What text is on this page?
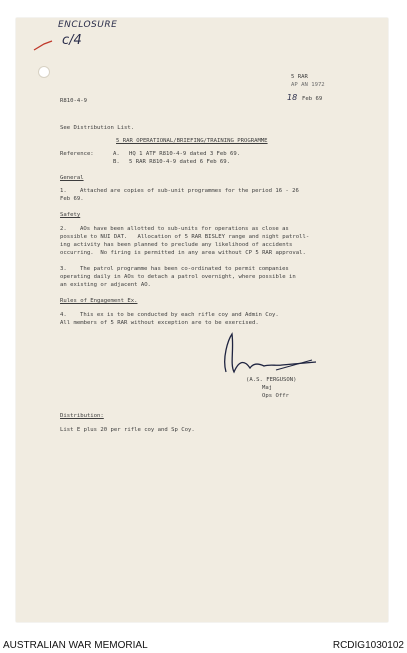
ENCLOSURE
c/4
5 RAR
AP AN 1972
18 Feb 69
R810-4-9
See Distribution List.
5 RAR OPERATIONAL/BRIEFING/TRAINING PROGRAMME
Reference:	A. HQ 1 ATF R810-4-9 dated 3 Feb 69.
B. 5 RAR R810-4-9 dated 6 Feb 69.
General
1. Attached are copies of sub-unit programmes for the period 16 - 26
Feb 69.
Safety
2. AOs have been allotted to sub-units for operations as close as
possible to NUI DAT.   Allocation of 5 RAR BISLEY range and night patroll-
ing activity has been planned to preclude any likelihood of accidents
occurring.  No firing is permitted in any area without CP 5 RAR approval.
3. The patrol programme has been co-ordinated to permit companies
operating daily in AOs to detach a patrol overnight, where possible in
an existing or adjacent AO.
Rules of Engagement Ex.
4. This ex is to be conducted by each rifle coy and Admin Coy.
All members of 5 RAR without exception are to be exercised.
(A.S. FERGUSON)
Maj
Ops Offr
Distribution:
List E plus 20 per rifle coy and Sp Coy.
AUSTRALIAN WAR MEMORIAL	RCDIG1030102
